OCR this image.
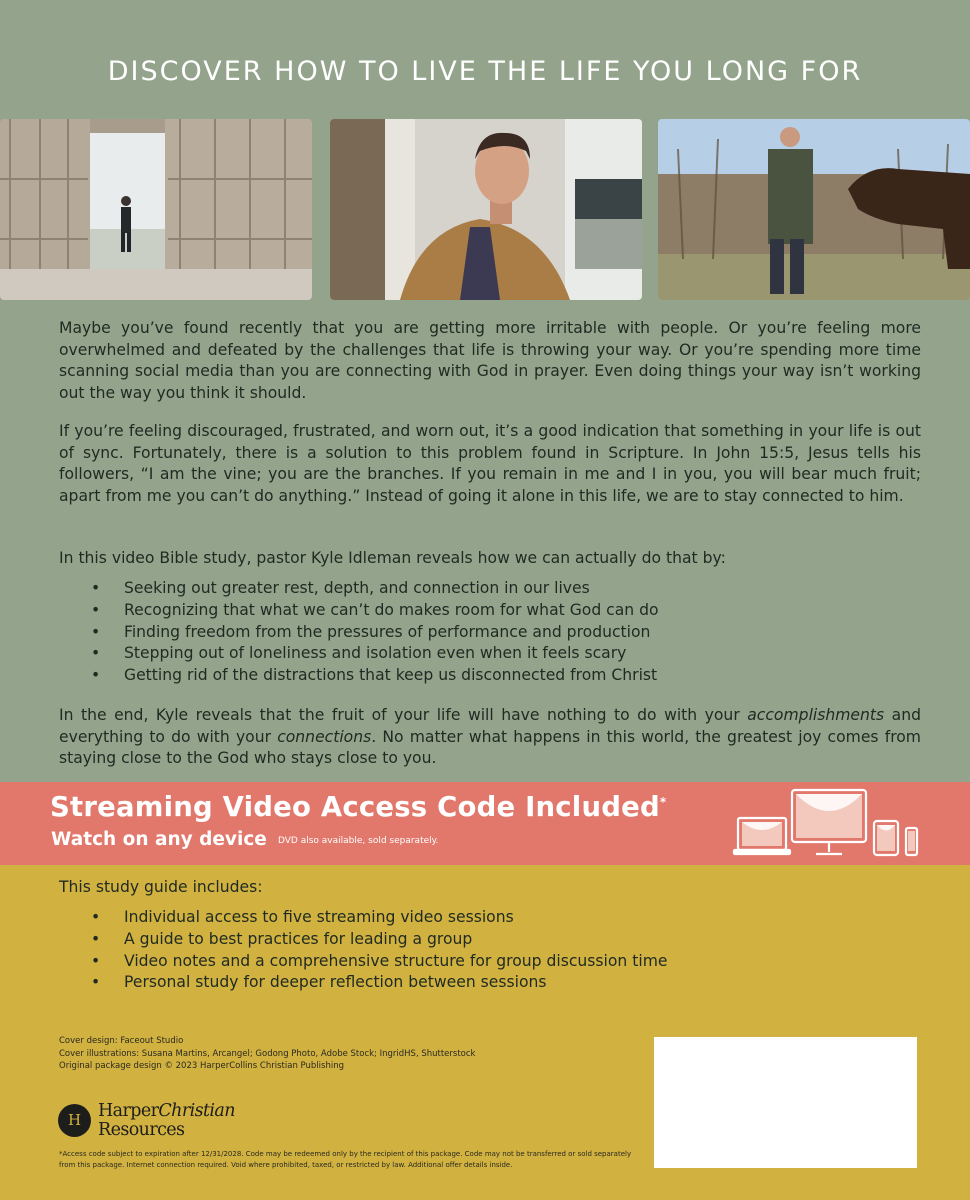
DISCOVER HOW TO LIVE THE LIFE YOU LONG FOR
Maybe you’ve found recently that you are getting more irritable with people. Or you’re feeling more overwhelmed and defeated by the challenges that life is throwing your way. Or you’re spending more time scanning social media than you are connecting with God in prayer. Even doing things your way isn’t working out the way you think it should.
If you’re feeling discouraged, frustrated, and worn out, it’s a good indication that something in your life is out of sync. Fortunately, there is a solution to this problem found in Scripture. In John 15:5, Jesus tells his followers, “I am the vine; you are the branches. If you remain in me and I in you, you will bear much fruit; apart from me you can’t do anything.” Instead of going it alone in this life, we are to stay connected to him.
In this video Bible study, pastor Kyle Idleman reveals how we can actually do that by:
• Seeking out greater rest, depth, and connection in our lives
• Recognizing that what we can’t do makes room for what God can do
• Finding freedom from the pressures of performance and production
• Stepping out of loneliness and isolation even when it feels scary
• Getting rid of the distractions that keep us disconnected from Christ
In the end, Kyle reveals that the fruit of your life will have nothing to do with your accomplishments and everything to do with your connections. No matter what happens in this world, the greatest joy comes from staying close to the God who stays close to you.
Streaming Video Access Code Included*
Watch on any device DVD also available, sold separately.
This study guide includes:
• Individual access to five streaming video sessions
• A guide to best practices for leading a group
• Video notes and a comprehensive structure for group discussion time
• Personal study for deeper reflection between sessions
Cover design: Faceout Studio
Cover illustrations: Susana Martins, Arcangel; Godong Photo, Adobe Stock; IngridHS, Shutterstock
Original package design © 2023 HarperCollins Christian Publishing
H HarperChristian
Resources
*Access code subject to expiration after 12/31/2028. Code may be redeemed only by the recipient of this package. Code may not be transferred or sold separately from this package. Internet connection required. Void where prohibited, taxed, or restricted by law. Additional offer details inside.
